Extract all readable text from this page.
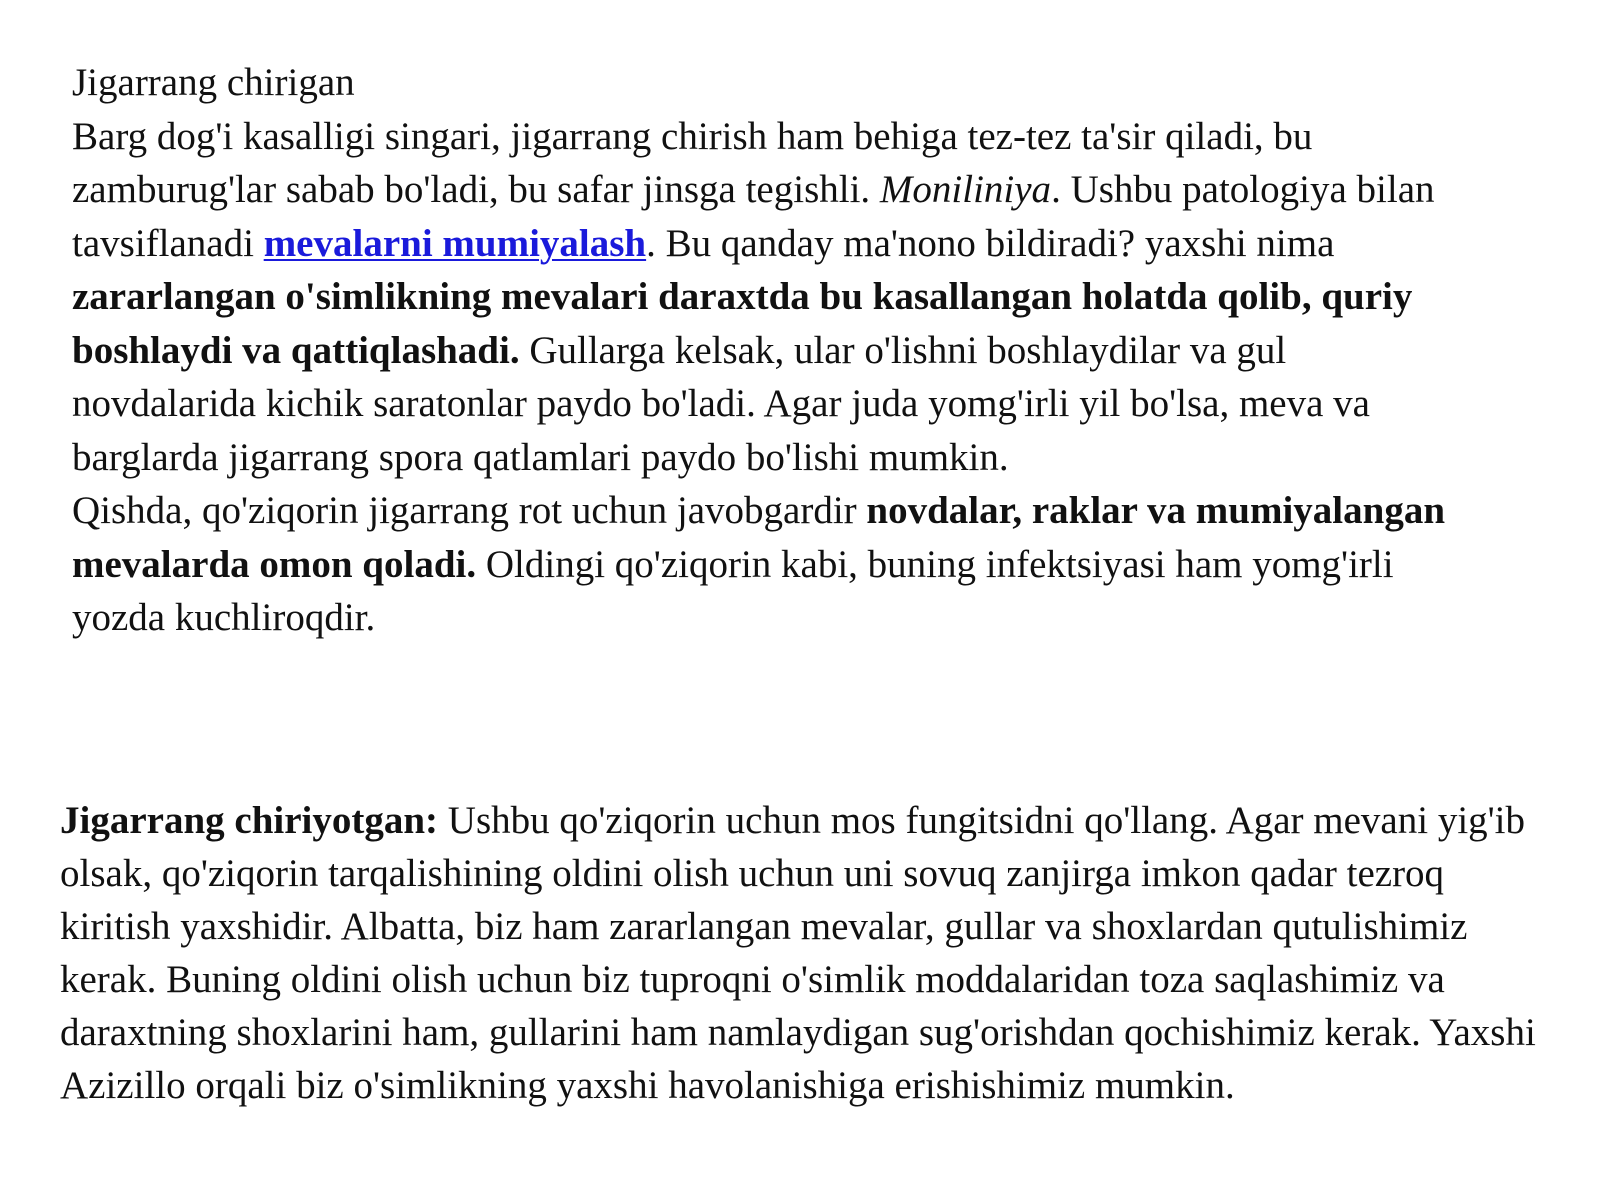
Jigarrang chirigan
Barg dog'i kasalligi singari, jigarrang chirish ham behiga tez-tez ta'sir qiladi, bu zamburug'lar sabab bo'ladi, bu safar jinsga tegishli. Moniliniya. Ushbu patologiya bilan tavsiflanadi mevalarni mumiyalash. Bu qanday ma'nono bildiradi? yaxshi nima zararlangan o'simlikning mevalari daraxtda bu kasallangan holatda qolib, quriy boshlaydi va qattiqlashadi. Gullarga kelsak, ular o'lishni boshlaydilar va gul novdalarida kichik saratonlar paydo bo'ladi. Agar juda yomg'irli yil bo'lsa, meva va barglarda jigarrang spora qatlamlari paydo bo'lishi mumkin.
Qishda, qo'ziqorin jigarrang rot uchun javobgardir novdalar, raklar va mumiyalangan mevalarda omon qoladi. Oldingi qo'ziqorin kabi, buning infektsiyasi ham yomg'irli yozda kuchliroqdir.

Jigarrang chiriyotgan: Ushbu qo'ziqorin uchun mos fungitsidni qo'llang. Agar mevani yig'ib olsak, qo'ziqorin tarqalishining oldini olish uchun uni sovuq zanjirga imkon qadar tezroq kiritish yaxshidir. Albatta, biz ham zararlangan mevalar, gullar va shoxlardan qutulishimiz kerak. Buning oldini olish uchun biz tuproqni o'simlik moddalaridan toza saqlashimiz va daraxtning shoxlarini ham, gullarini ham namlaydigan sug'orishdan qochishimiz kerak. Yaxshi Azizillo orqali biz o'simlikning yaxshi havolanishiga erishishimiz mumkin.
